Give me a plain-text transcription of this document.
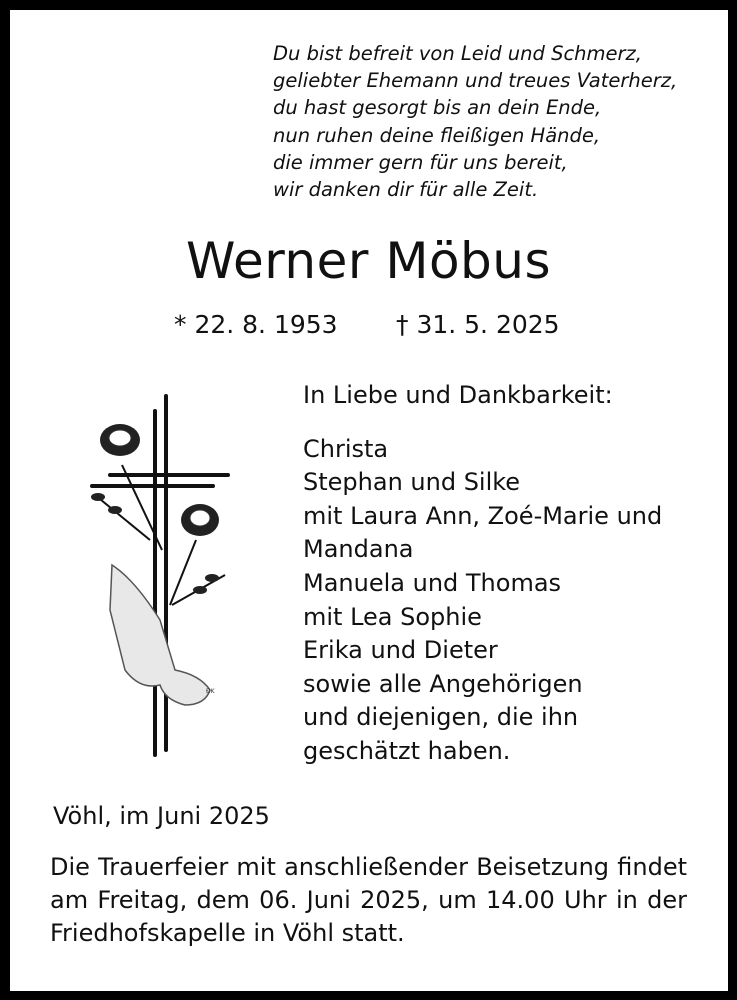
Du bist befreit von Leid und Schmerz,
geliebter Ehemann und treues Vaterherz,
du hast gesorgt bis an dein Ende,
nun ruhen deine fleißigen Hände,
die immer gern für uns bereit,
wir danken dir für alle Zeit.
Werner Möbus
* 22. 8. 1953 † 31. 5. 2025
ƉK
In Liebe und Dankbarkeit:
Christa
Stephan und Silke
mit Laura Ann, Zoé-Marie und
Mandana
Manuela und Thomas
mit Lea Sophie
Erika und Dieter
sowie alle Angehörigen
und diejenigen, die ihn
geschätzt haben.
Vöhl, im Juni 2025
Die Trauerfeier mit anschließender Beisetzung findet am Freitag, dem 06. Juni 2025, um 14.00 Uhr in der Friedhofskapelle in Vöhl statt.
